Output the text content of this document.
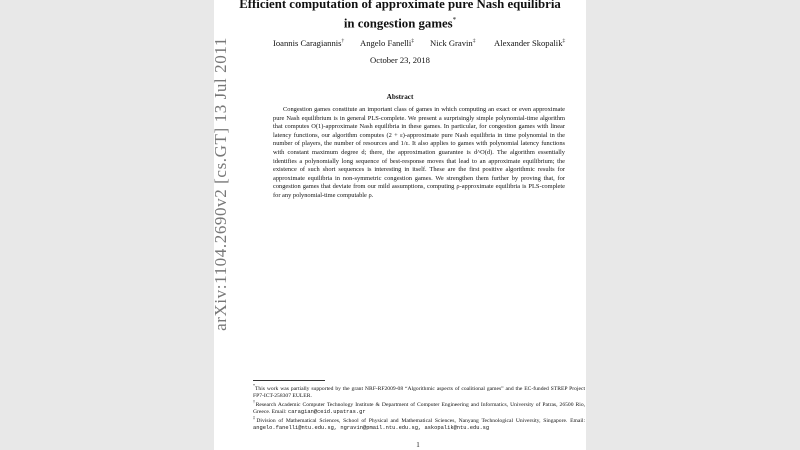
arXiv:1104.2690v2 [cs.GT] 13 Jul 2011
Efficient computation of approximate pure Nash equilibria
in congestion games*
Ioannis Caragiannis† Angelo Fanelli‡ Nick Gravin‡ Alexander Skopalik‡
October 23, 2018
Abstract

Congestion games constitute an important class of games in which computing an exact or even approximate pure Nash equilibrium is in general PLS-complete. We present a surprisingly simple polynomial-time algorithm that computes O(1)-approximate Nash equilibria in these games. In particular, for congestion games with linear latency functions, our algorithm computes (2 + ε)-approximate pure Nash equilibria in time polynomial in the number of players, the number of resources and 1/ε. It also applies to games with polynomial latency functions with constant maximum degree d; there, the approximation guarantee is d^O(d). The algorithm essentially identifies a polynomially long sequence of best-response moves that lead to an approximate equilibrium; the existence of such short sequences is interesting in itself. These are the first positive algorithmic results for approximate equilibria in non-symmetric congestion games. We strengthen them further by proving that, for congestion games that deviate from our mild assumptions, computing ρ-approximate equilibria is PLS-complete for any polynomial-time computable ρ.

*This work was partially supported by the grant NRF-RF2009-08 “Algorithmic aspects of coalitional games” and the EC-funded STREP Project FP7-ICT-258307 EULER.
†Research Academic Computer Technology Institute & Department of Computer Engineering and Informatics, University of Patras, 26500 Rio, Greece. Email: caragian@ceid.upatras.gr
‡Division of Mathematical Sciences, School of Physical and Mathematical Sciences, Nanyang Technological University, Singapore. Email: angelo.fanelli@ntu.edu.sg, ngravin@pmail.ntu.edu.sg, askopalik@ntu.edu.sg
1
